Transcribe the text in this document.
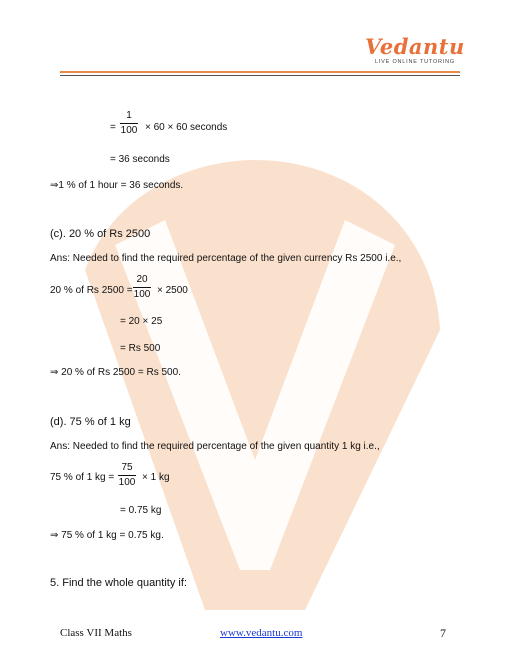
Vedantu
LIVE ONLINE TUTORING
=
1
100 × 60 × 60 seconds
= 36 seconds
⇒1 % of 1 hour = 36 seconds.
(c). 20 % of Rs 2500
Ans: Needed to find the required percentage of the given currency Rs 2500 i.e.,
20 % of Rs 2500 =
20
100 × 2500
= 20 × 25
= Rs 500
⇒ 20 % of Rs 2500 = Rs 500.
(d). 75 % of 1 kg
Ans: Needed to find the required percentage of the given quantity 1 kg i.e.,
75 % of 1 kg =
75
100 × 1 kg
= 0.75 kg
⇒ 75 % of 1 kg = 0.75 kg.
5. Find the whole quantity if:
Class VII Maths	www.vedantu.com	7
